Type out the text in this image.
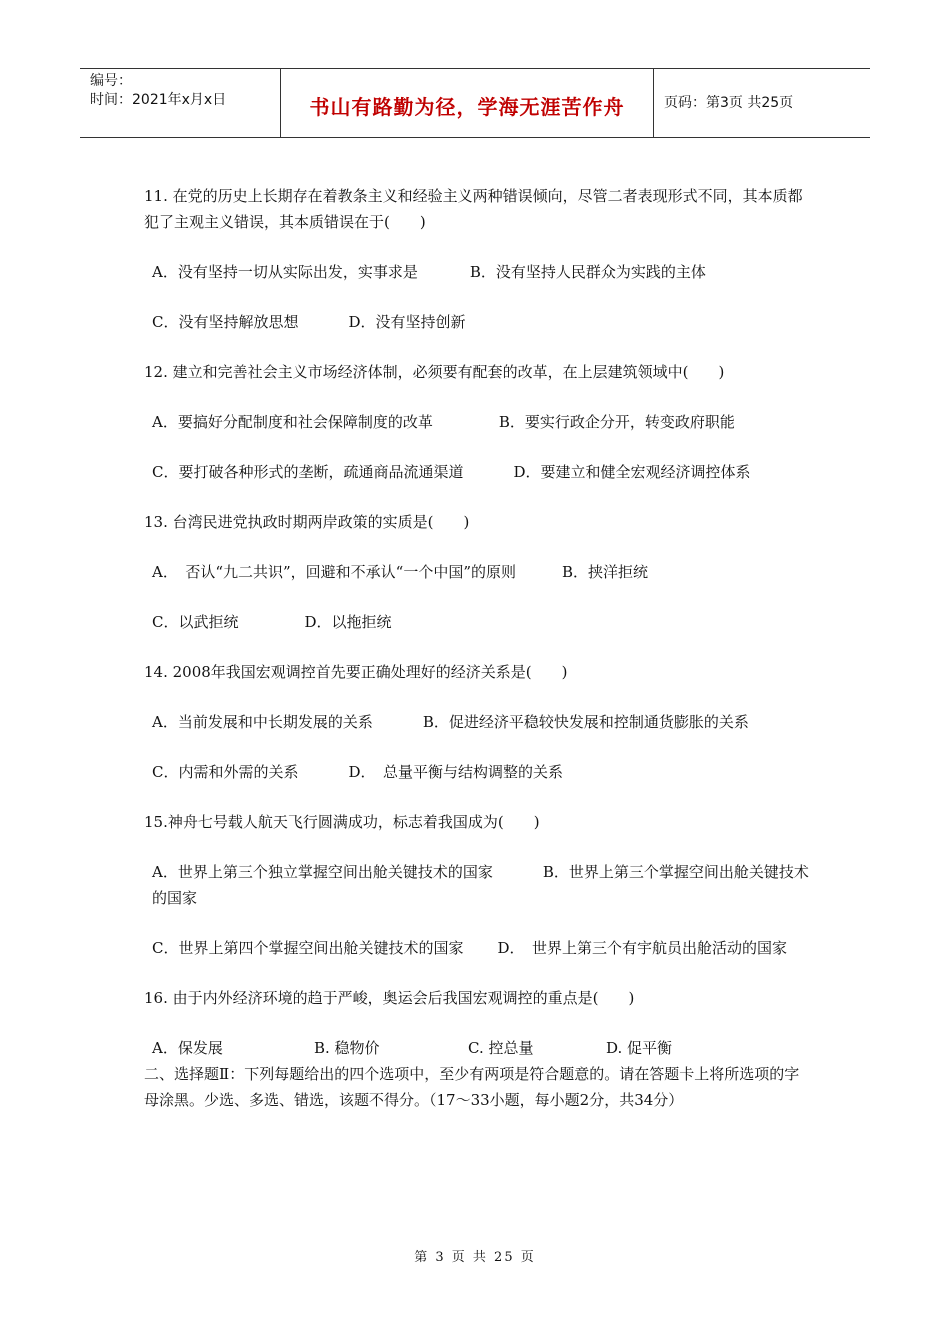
编号：
时间：2021年x月x日	书山有路勤为径，学海无涯苦作舟	页码：第3页 共25页

11. 在党的历史上长期存在着教条主义和经验主义两种错误倾向，尽管二者表现形式不同，其本质都犯了主观主义错误，其本质错误在于(　　)

A．没有坚持一切从实际出发，实事求是	B．没有坚持人民群众为实践的主体

C．没有坚持解放思想	D．没有坚持创新

12. 建立和完善社会主义市场经济体制，必须要有配套的改革，在上层建筑领域中(　　)

A．要搞好分配制度和社会保障制度的改革	B．要实行政企分开，转变政府职能

C．要打破各种形式的垄断，疏通商品流通渠道	D．要建立和健全宏观经济调控体系

13. 台湾民进党执政时期两岸政策的实质是(　　)

A．　否认“九二共识”，回避和不承认“一个中国”的原则	B．挟洋拒统

C．以武拒统	D．以拖拒统

14. 2008年我国宏观调控首先要正确处理好的经济关系是(　　)

A．当前发展和中长期发展的关系	B．促进经济平稳较快发展和控制通货膨胀的关系

C．内需和外需的关系	D．　总量平衡与结构调整的关系

15.神舟七号载人航天飞行圆满成功，标志着我国成为(　　)

A．世界上第三个独立掌握空间出舱关键技术的国家	B．世界上第三个掌握空间出舱关键技术的国家

C．世界上第四个掌握空间出舱关键技术的国家 D．　世界上第三个有宇航员出舱活动的国家

16. 由于内外经济环境的趋于严峻，奥运会后我国宏观调控的重点是(　　)

A．保发展	B. 稳物价	C. 控总量	D. 促平衡

二、选择题Ⅱ：下列每题给出的四个选项中，至少有两项是符合题意的。请在答题卡上将所选项的字母涂黑。少选、多选、错选，该题不得分。（17～33小题，每小题2分，共34分）

第 3 页 共 25 页
